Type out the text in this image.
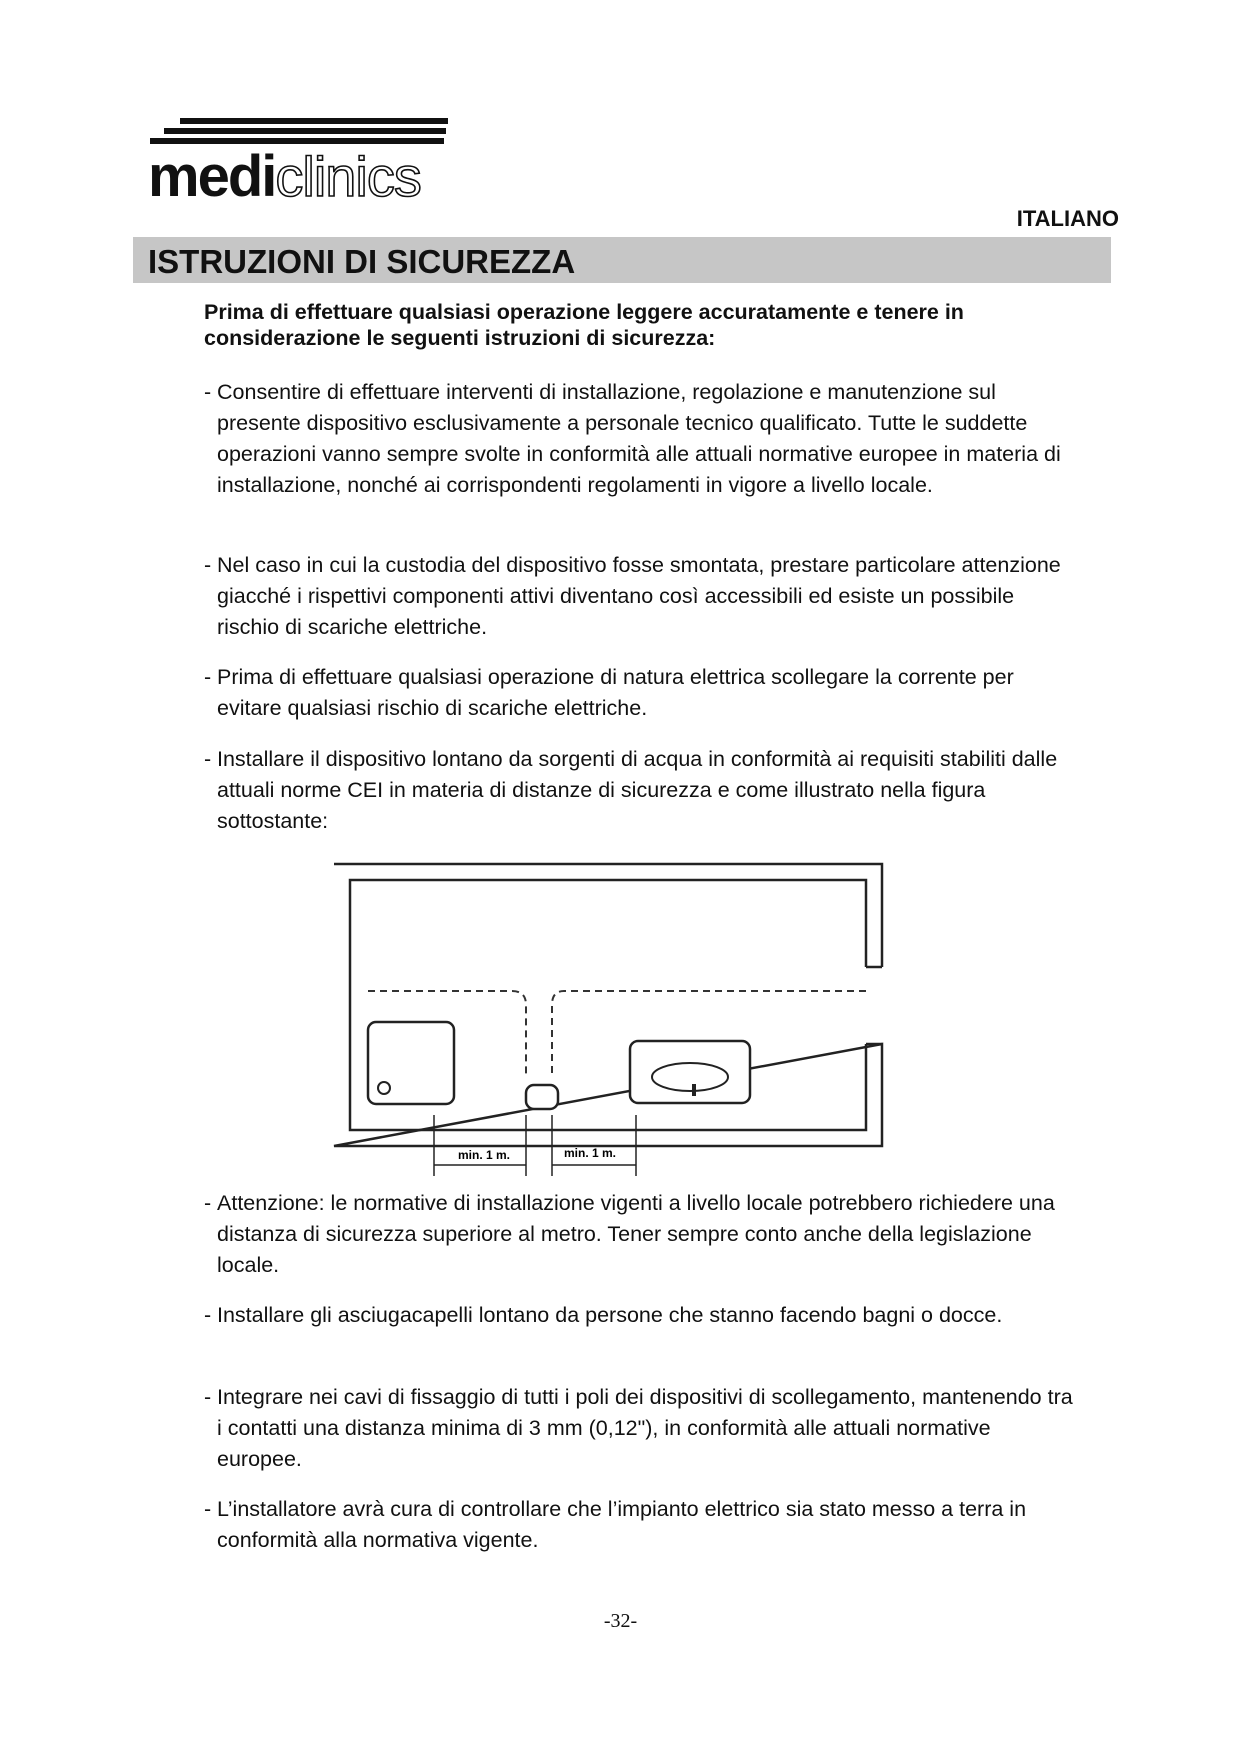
mediclinics
ITALIANO
ISTRUZIONI DI SICUREZZA
Prima di effettuare qualsiasi operazione leggere accuratamente e tenere in considerazione le seguenti istruzioni di sicurezza:
- Consentire di effettuare interventi di installazione, regolazione e manutenzione sul presente dispositivo esclusivamente a personale tecnico qualificato. Tutte le suddette operazioni vanno sempre svolte in conformità alle attuali normative europee in materia di installazione, nonché ai corrispondenti regolamenti in vigore a livello locale.
- Nel caso in cui la custodia del dispositivo fosse smontata, prestare particolare attenzione giacché i rispettivi componenti attivi diventano così accessibili ed esiste un possibile rischio di scariche elettriche.
- Prima di effettuare qualsiasi operazione di natura elettrica scollegare la corrente per evitare qualsiasi rischio di scariche elettriche.
- Installare il dispositivo lontano da sorgenti di acqua in conformità ai requisiti stabiliti dalle attuali norme CEI in materia di distanze di sicurezza e come illustrato nella figura sottostante:
min. 1 m.	min. 1 m.
- Attenzione: le normative di installazione vigenti a livello locale potrebbero richiedere una distanza di sicurezza superiore al metro. Tener sempre conto anche della legislazione locale.
- Installare gli asciugacapelli lontano da persone che stanno facendo bagni o docce.
- Integrare nei cavi di fissaggio di tutti i poli dei dispositivi di scollegamento, mantenendo tra i contatti una distanza minima di 3 mm (0,12"), in conformità alle attuali normative europee.
- L’installatore avrà cura di controllare che l’impianto elettrico sia stato messo a terra in conformità alla normativa vigente.
-32-
